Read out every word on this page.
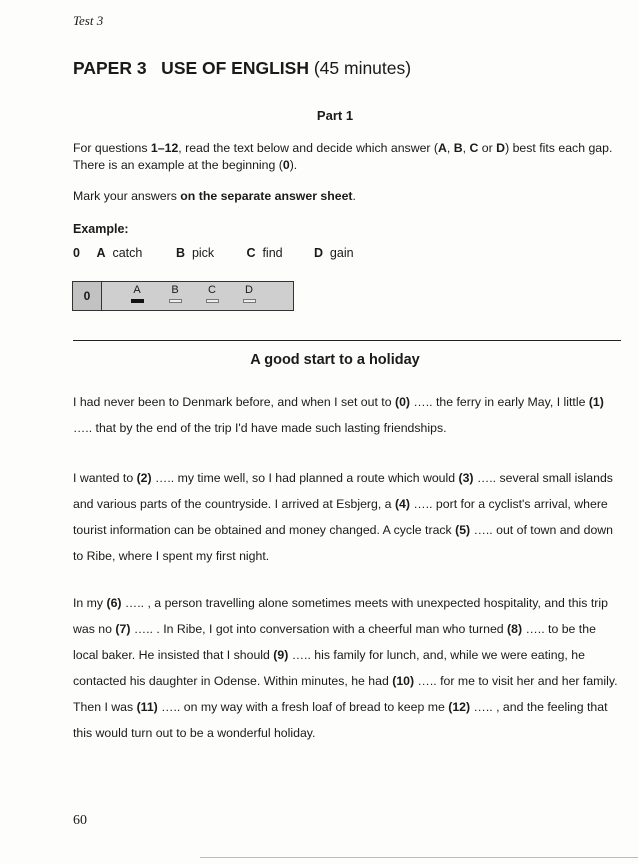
Test 3
PAPER 3   USE OF ENGLISH (45 minutes)
Part 1
For questions 1–12, read the text below and decide which answer (A, B, C or D) best fits each gap. There is an example at the beginning (0).
Mark your answers on the separate answer sheet.
Example:
0 A catch	B pick	C find	D gain
0	A	B	C	D
A good start to a holiday
I had never been to Denmark before, and when I set out to (0) ….. the ferry in early May, I little (1) ….. that by the end of the trip I'd have made such lasting friendships.
I wanted to (2) ….. my time well, so I had planned a route which would (3) ….. several small islands and various parts of the countryside. I arrived at Esbjerg, a (4) ….. port for a cyclist's arrival, where tourist information can be obtained and money changed. A cycle track (5) ….. out of town and down to Ribe, where I spent my first night.
In my (6) ….. , a person travelling alone sometimes meets with unexpected hospitality, and this trip was no (7) ….. . In Ribe, I got into conversation with a cheerful man who turned (8) ….. to be the local baker. He insisted that I should (9) ….. his family for lunch, and, while we were eating, he contacted his daughter in Odense. Within minutes, he had (10) ….. for me to visit her and her family. Then I was (11) ….. on my way with a fresh loaf of bread to keep me (12) ….. , and the feeling that this would turn out to be a wonderful holiday.
60
